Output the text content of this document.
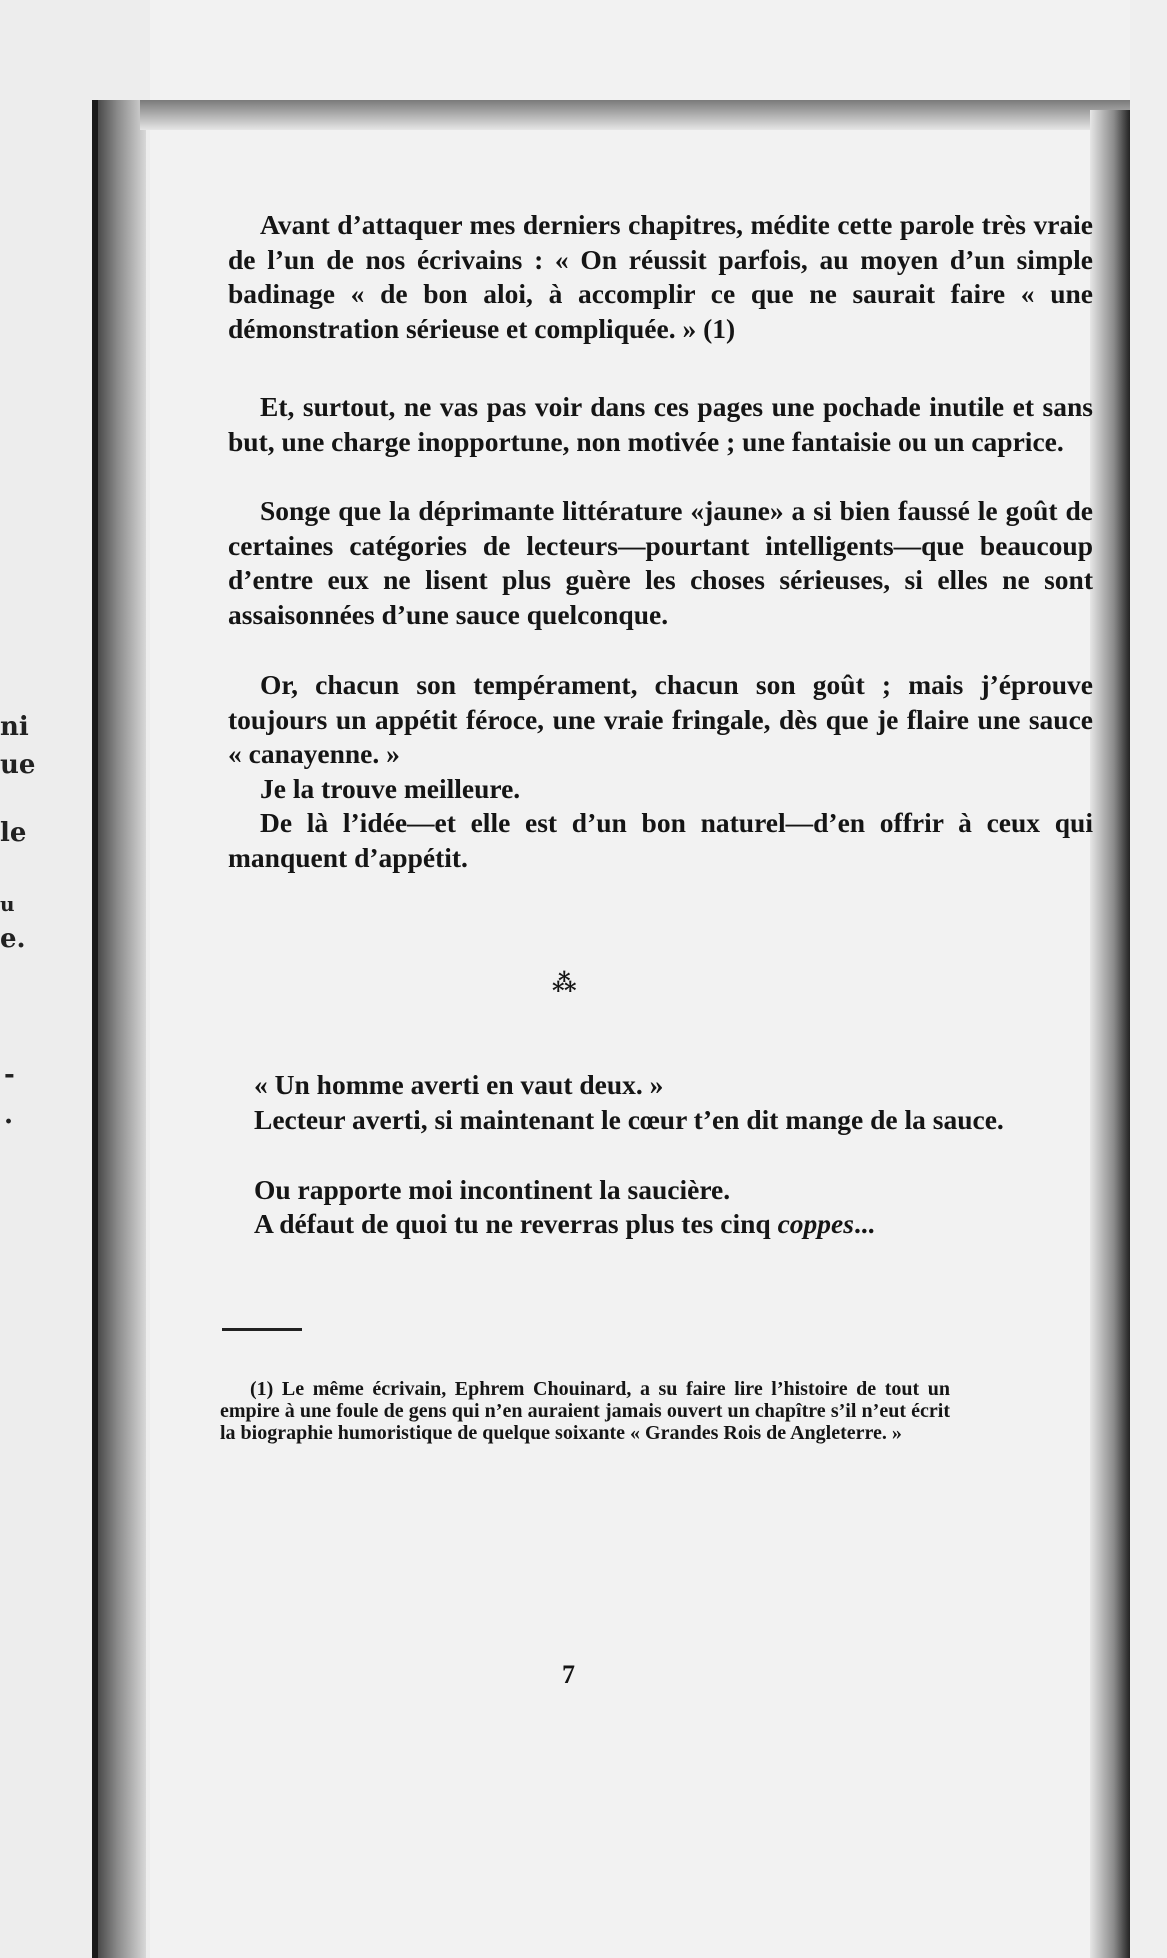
ni
ue
le
u
e.
-
.

Avant d’attaquer mes derniers chapitres, médite cette parole très vraie de l’un de nos écrivains : « On réussit parfois, au moyen d’un simple badinage « de bon aloi, à accomplir ce que ne saurait faire « une démonstration sérieuse et compliquée. » (1)

Et, surtout, ne vas pas voir dans ces pages une pochade inutile et sans but, une charge inopportune, non motivée ; une fantaisie ou un caprice.

Songe que la déprimante littérature «jaune» a si bien faussé le goût de certaines catégories de lecteurs—pourtant intelligents—que beaucoup d’entre eux ne lisent plus guère les choses sérieuses, si elles ne sont assaisonnées d’une sauce quelconque.

Or, chacun son tempérament, chacun son goût ; mais j’éprouve toujours un appétit féroce, une vraie fringale, dès que je flaire une sauce « canayenne. »

Je la trouve meilleure.

De là l’idée—et elle est d’un bon naturel—d’en offrir à ceux qui manquent d’appétit.

⁂

« Un homme averti en vaut deux. »

Lecteur averti, si maintenant le cœur t’en dit mange de la sauce.

Ou rapporte moi incontinent la saucière.

A défaut de quoi tu ne reverras plus tes cinq coppes...

(1) Le même écrivain, Ephrem Chouinard, a su faire lire l’histoire de tout un empire à une foule de gens qui n’en auraient jamais ouvert un chapître s’il n’eut écrit la biographie humoristique de quelque soixante « Grandes Rois de Angleterre. »

7
